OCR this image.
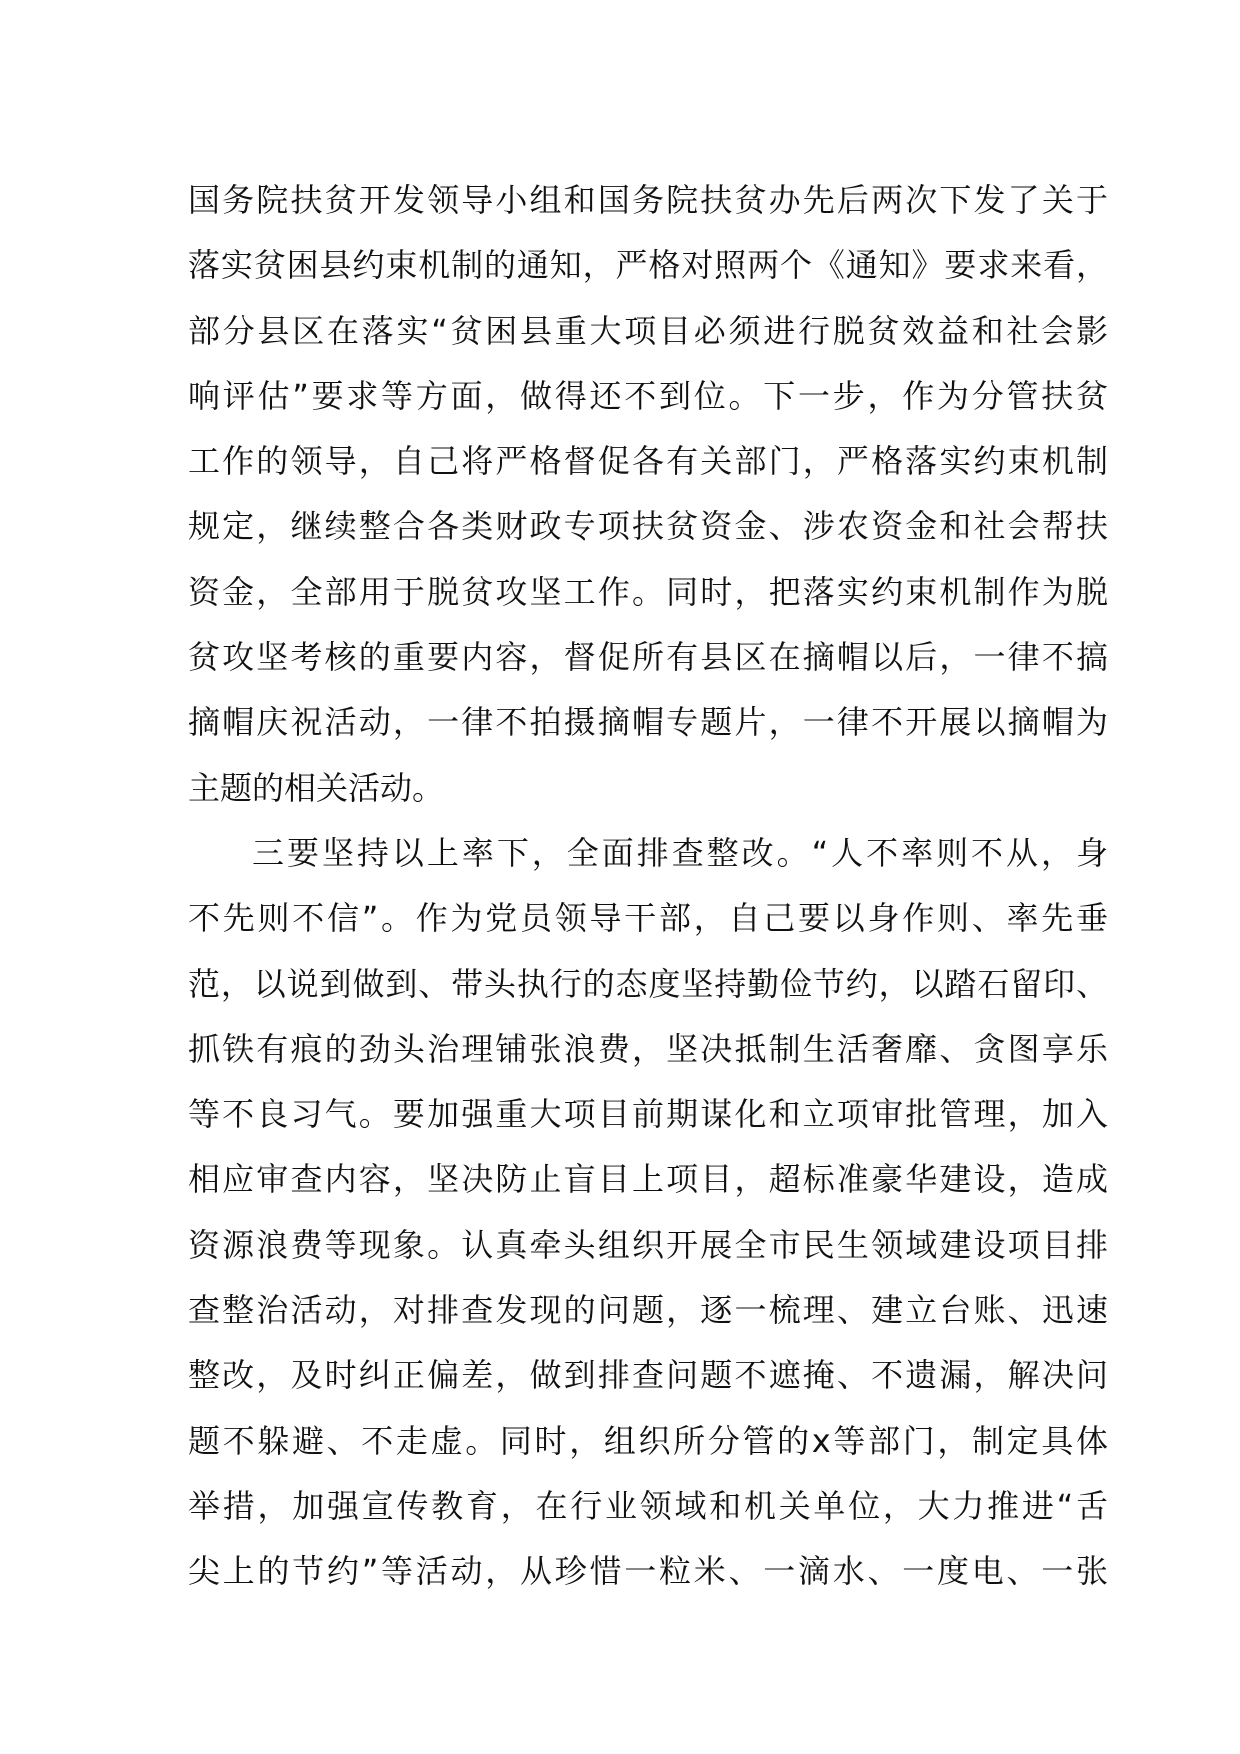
国务院扶贫开发领导小组和国务院扶贫办先后两次下发了关于
落实贫困县约束机制的通知，严格对照两个《通知》要求来看，
部分县区在落实“贫困县重大项目必须进行脱贫效益和社会影
响评估”要求等方面，做得还不到位。下一步，作为分管扶贫
工作的领导，自己将严格督促各有关部门，严格落实约束机制
规定，继续整合各类财政专项扶贫资金、涉农资金和社会帮扶
资金，全部用于脱贫攻坚工作。同时，把落实约束机制作为脱
贫攻坚考核的重要内容，督促所有县区在摘帽以后，一律不搞
摘帽庆祝活动，一律不拍摄摘帽专题片，一律不开展以摘帽为
主题的相关活动。
三要坚持以上率下，全面排查整改。“人不率则不从，身
不先则不信”。作为党员领导干部，自己要以身作则、率先垂
范，以说到做到、带头执行的态度坚持勤俭节约，以踏石留印、
抓铁有痕的劲头治理铺张浪费，坚决抵制生活奢靡、贪图享乐
等不良习气。要加强重大项目前期谋化和立项审批管理，加入
相应审查内容，坚决防止盲目上项目，超标准豪华建设，造成
资源浪费等现象。认真牵头组织开展全市民生领域建设项目排
查整治活动，对排查发现的问题，逐一梳理、建立台账、迅速
整改，及时纠正偏差，做到排查问题不遮掩、不遗漏，解决问
题不躲避、不走虚。同时，组织所分管的x等部门，制定具体
举措，加强宣传教育，在行业领域和机关单位，大力推进“舌
尖上的节约”等活动，从珍惜一粒米、一滴水、一度电、一张
